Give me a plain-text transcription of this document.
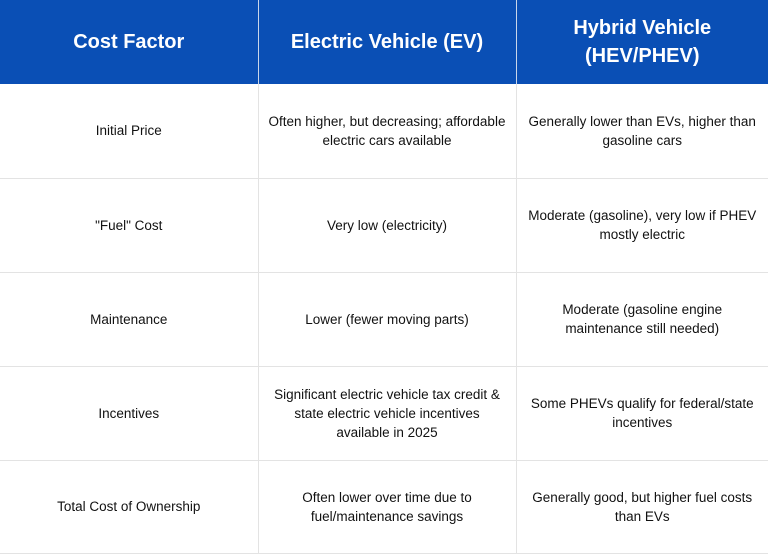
Cost Factor	Electric Vehicle (EV)	Hybrid Vehicle (HEV/PHEV)
Initial Price	Often higher, but decreasing; affordable electric cars available	Generally lower than EVs, higher than gasoline cars
"Fuel" Cost	Very low (electricity)	Moderate (gasoline), very low if PHEV mostly electric
Maintenance	Lower (fewer moving parts)	Moderate (gasoline engine maintenance still needed)
Incentives	Significant electric vehicle tax credit & state electric vehicle incentives available in 2025	Some PHEVs qualify for federal/state incentives
Total Cost of Ownership	Often lower over time due to fuel/maintenance savings	Generally good, but higher fuel costs than EVs
